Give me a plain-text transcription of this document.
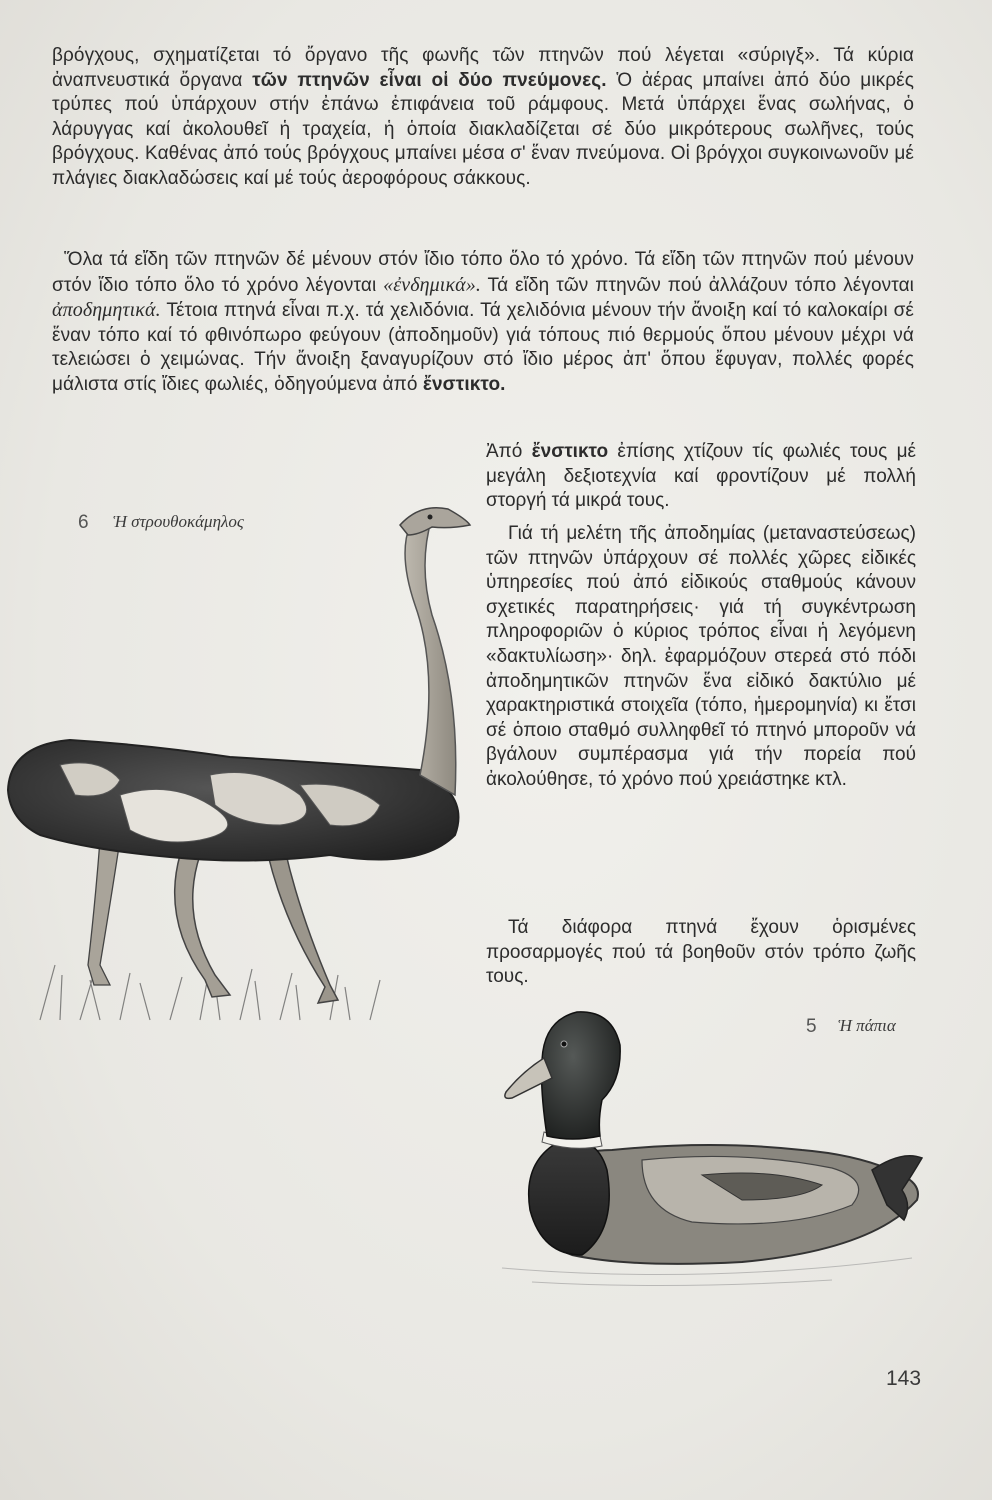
βρόγχους, σχηματίζεται τό ὄργανο τῆς φωνῆς τῶν πτηνῶν πού λέγεται «σύριγξ». Τά κύρια ἀναπνευστικά ὄργανα τῶν πτηνῶν εἶναι οἱ δύο πνεύμονες. Ὁ ἀέρας μπαίνει ἀπό δύο μικρές τρύπες πού ὑπάρχουν στήν ἐπάνω ἐπιφάνεια τοῦ ράμφους. Μετά ὑπάρχει ἕνας σωλήνας, ὁ λάρυγγας καί ἀκολουθεῖ ἡ τραχεία, ἡ ὁποία διακλαδίζεται σέ δύο μικρότερους σωλῆνες, τούς βρόγχους. Καθένας ἀπό τούς βρόγχους μπαίνει μέσα σ' ἕναν πνεύμονα. Οἱ βρόγχοι συγκοινωνοῦν μέ πλάγιες διακλαδώσεις καί μέ τούς ἀεροφόρους σάκκους.

Ὅλα τά εἴδη τῶν πτηνῶν δέ μένουν στόν ἴδιο τόπο ὅλο τό χρόνο. Τά εἴδη τῶν πτηνῶν πού μένουν στόν ἴδιο τόπο ὅλο τό χρόνο λέγονται «ἐνδημικά». Τά εἴδη τῶν πτηνῶν πού ἀλλάζουν τόπο λέγονται ἀποδημητικά. Τέτοια πτηνά εἶναι π.χ. τά χελιδόνια. Τά χελιδόνια μένουν τήν ἄνοιξη καί τό καλοκαίρι σέ ἕναν τόπο καί τό φθινόπωρο φεύγουν (ἀποδημοῦν) γιά τόπους πιό θερμούς ὅπου μένουν μέχρι νά τελειώσει ὁ χειμώνας. Τήν ἄνοιξη ξαναγυρίζουν στό ἴδιο μέρος ἀπ' ὅπου ἔφυγαν, πολλές φορές μάλιστα στίς ἴδιες φωλιές, ὁδηγούμενα ἀπό ἔνστικτο.

Ἀπό ἔνστικτο ἐπίσης χτίζουν τίς φωλιές τους μέ μεγάλη δεξιοτεχνία καί φροντίζουν μέ πολλή στοργή τά μικρά τους.

Γιά τή μελέτη τῆς ἀποδημίας (μεταναστεύσεως) τῶν πτηνῶν ὑπάρχουν σέ πολλές χῶρες εἰδικές ὑπηρεσίες πού ἀπό εἰδικούς σταθμούς κάνουν σχετικές παρατηρήσεις· γιά τή συγκέντρωση πληροφοριῶν ὁ κύριος τρόπος εἶναι ἡ λεγόμενη «δακτυλίωση»· δηλ. ἐφαρμόζουν στερεά στό πόδι ἀποδημητικῶν πτηνῶν ἕνα εἰδικό δακτύλιο μέ χαρακτηριστικά στοιχεῖα (τόπο, ἡμερομηνία) κι ἔτσι σέ ὁποιο σταθμό συλληφθεῖ τό πτηνό μποροῦν νά βγάλουν συμπέρασμα γιά τήν πορεία πού ἀκολούθησε, τό χρόνο πού χρειάστηκε κτλ.

Τά διάφορα πτηνά ἔχουν ὁρισμένες προσαρμογές πού τά βοηθοῦν στόν τρόπο ζωῆς τους.

6 Ἡ στρουθοκάμηλος
5 Ἡ πάπια
143
